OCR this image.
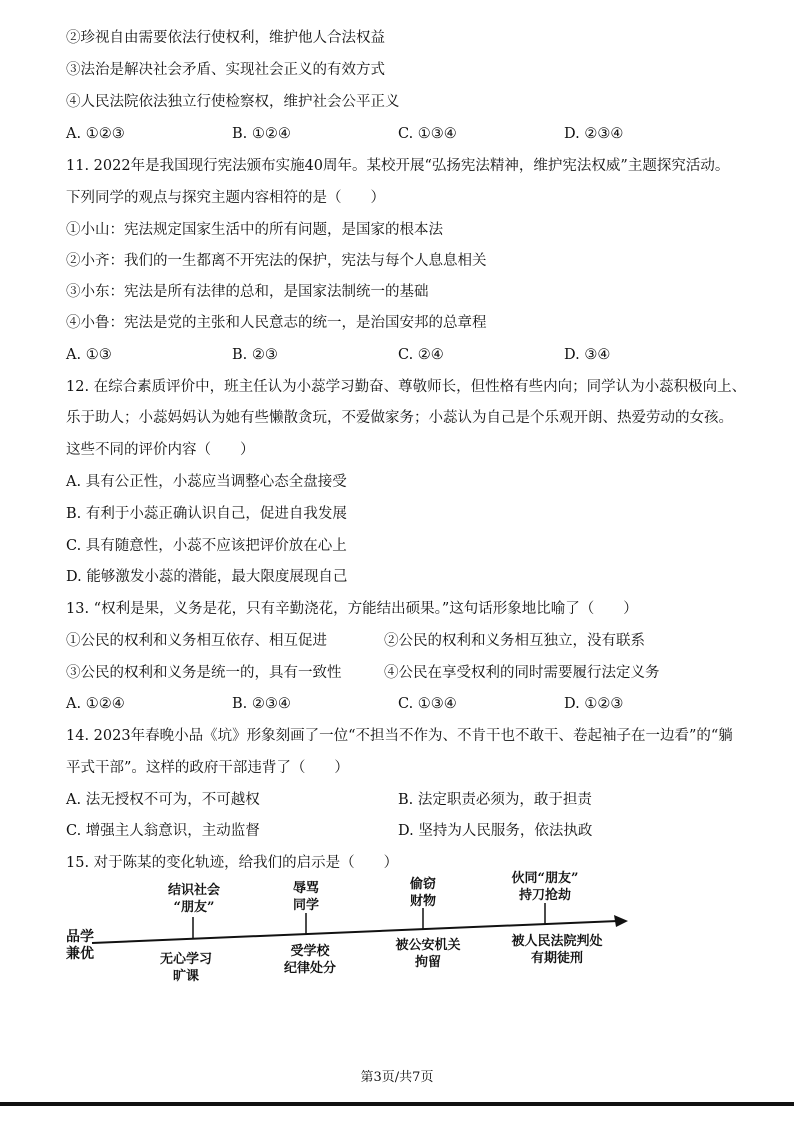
②珍视自由需要依法行使权利，维护他人合法权益
③法治是解决社会矛盾、实现社会正义的有效方式
④人民法院依法独立行使检察权，维护社会公平正义
A. ①②③	B. ①②④	C. ①③④	D. ②③④
11. 2022年是我国现行宪法颁布实施40周年。某校开展“弘扬宪法精神，维护宪法权威”主题探究活动。
下列同学的观点与探究主题内容相符的是（　　）
①小山：宪法规定国家生活中的所有问题，是国家的根本法
②小齐：我们的一生都离不开宪法的保护，宪法与每个人息息相关
③小东：宪法是所有法律的总和，是国家法制统一的基础
④小鲁：宪法是党的主张和人民意志的统一，是治国安邦的总章程
A. ①③	B. ②③	C. ②④	D. ③④
12. 在综合素质评价中，班主任认为小蕊学习勤奋、尊敬师长，但性格有些内向；同学认为小蕊积极向上、
乐于助人；小蕊妈妈认为她有些懒散贪玩，不爱做家务；小蕊认为自己是个乐观开朗、热爱劳动的女孩。
这些不同的评价内容（　　）
A. 具有公正性，小蕊应当调整心态全盘接受
B. 有利于小蕊正确认识自己，促进自我发展
C. 具有随意性，小蕊不应该把评价放在心上
D. 能够激发小蕊的潜能，最大限度展现自己
13. “权利是果，义务是花，只有辛勤浇花，方能结出硕果。”这句话形象地比喻了（　　）
①公民的权利和义务相互依存、相互促进	②公民的权利和义务相互独立，没有联系
③公民的权利和义务是统一的，具有一致性	④公民在享受权利的同时需要履行法定义务
A. ①②④	B. ②③④	C. ①③④	D. ①②③
14. 2023年春晚小品《坑》形象刻画了一位“不担当不作为、不肯干也不敢干、卷起袖子在一边看”的“躺
平式干部”。这样的政府干部违背了（　　）
A. 法无授权不可为，不可越权	B. 法定职责必须为，敢于担责
C. 增强主人翁意识，主动监督	D. 坚持为人民服务，依法执政
15. 对于陈某的变化轨迹，给我们的启示是（　　）
品学
兼优
结识社会
“朋友”
辱骂
同学
偷窃
财物
伙同“朋友”
持刀抢劫
无心学习
旷课
受学校
纪律处分
被公安机关
拘留
被人民法院判处
有期徒刑
第3页/共7页
